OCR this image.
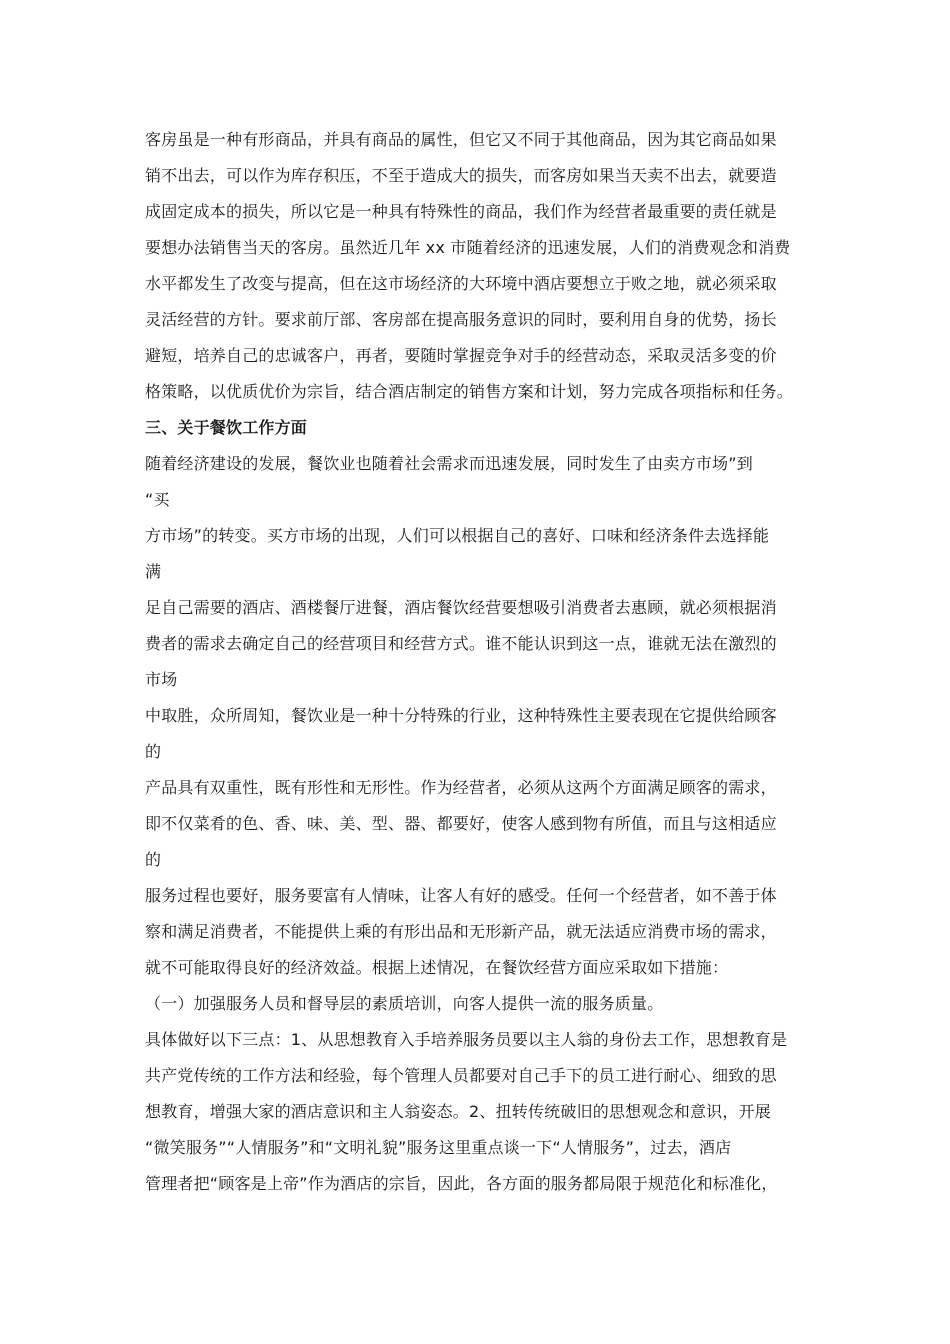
客房虽是一种有形商品，并具有商品的属性，但它又不同于其他商品，因为其它商品如果
销不出去，可以作为库存积压，不至于造成大的损失，而客房如果当天卖不出去，就要造
成固定成本的损失，所以它是一种具有特殊性的商品，我们作为经营者最重要的责任就是
要想办法销售当天的客房。虽然近几年 xx 市随着经济的迅速发展，人们的消费观念和消费
水平都发生了改变与提高，但在这市场经济的大环境中酒店要想立于败之地，就必须采取
灵活经营的方针。要求前厅部、客房部在提高服务意识的同时，要利用自身的优势，扬长
避短，培养自己的忠诚客户，再者，要随时掌握竞争对手的经营动态，采取灵活多变的价
格策略，以优质优价为宗旨，结合酒店制定的销售方案和计划，努力完成各项指标和任务。
三、关于餐饮工作方面
随着经济建设的发展，餐饮业也随着社会需求而迅速发展，同时发生了由卖方市场”到
“买
方市场”的转变。买方市场的出现，人们可以根据自己的喜好、口味和经济条件去选择能
满
足自己需要的酒店、酒楼餐厅进餐，酒店餐饮经营要想吸引消费者去惠顾，就必须根据消
费者的需求去确定自己的经营项目和经营方式。谁不能认识到这一点，谁就无法在激烈的
市场
中取胜，众所周知，餐饮业是一种十分特殊的行业，这种特殊性主要表现在它提供给顾客
的
产品具有双重性，既有形性和无形性。作为经营者，必须从这两个方面满足顾客的需求，
即不仅菜肴的色、香、味、美、型、器、都要好，使客人感到物有所值，而且与这相适应
的
服务过程也要好，服务要富有人情味，让客人有好的感受。任何一个经营者，如不善于体
察和满足消费者，不能提供上乘的有形出品和无形新产品，就无法适应消费市场的需求，
就不可能取得良好的经济效益。根据上述情况，在餐饮经营方面应采取如下措施：
（一）加强服务人员和督导层的素质培训，向客人提供一流的服务质量。
具体做好以下三点：1、从思想教育入手培养服务员要以主人翁的身份去工作，思想教育是
共产党传统的工作方法和经验，每个管理人员都要对自己手下的员工进行耐心、细致的思
想教育，增强大家的酒店意识和主人翁姿态。2、扭转传统破旧的思想观念和意识，开展
“微笑服务”“人情服务”和“文明礼貌”服务这里重点谈一下“人情服务”，过去，酒店
管理者把“顾客是上帝”作为酒店的宗旨，因此，各方面的服务都局限于规范化和标准化，
